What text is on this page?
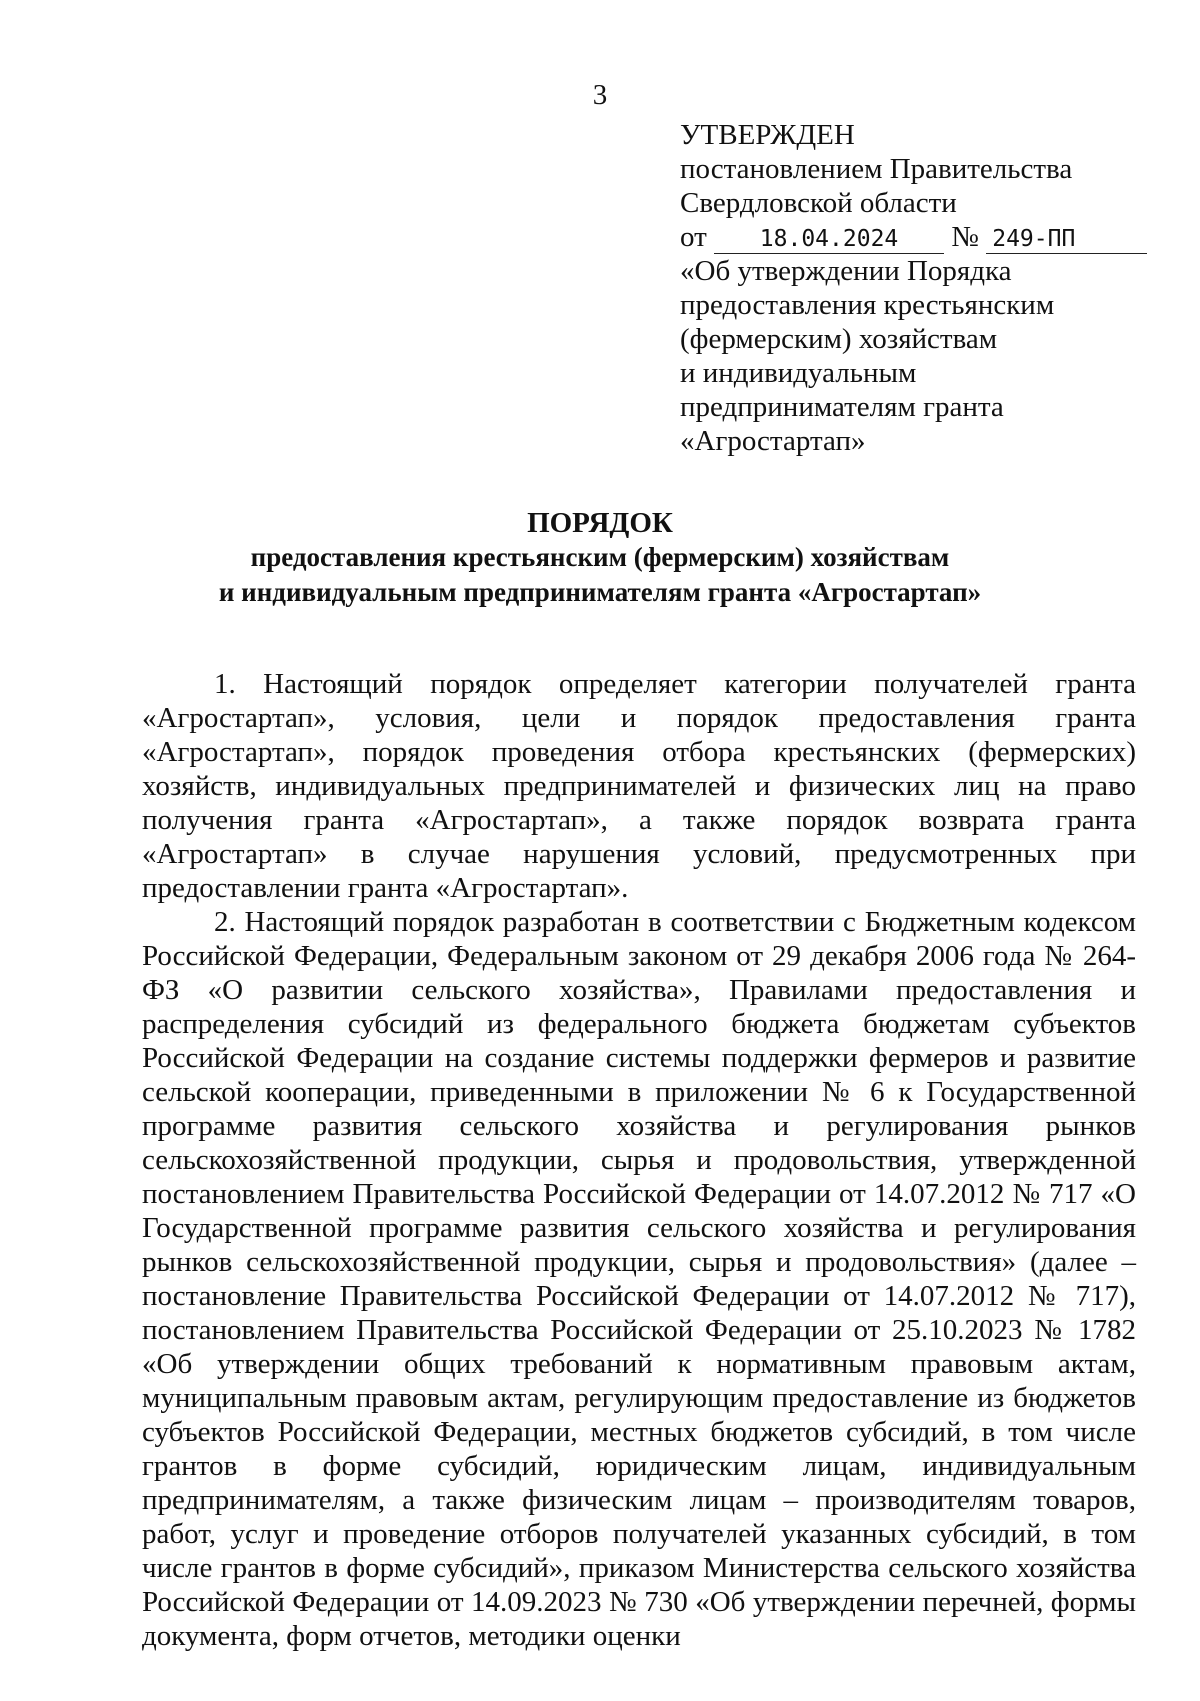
3
УТВЕРЖДЕН
постановлением Правительства
Свердловской области
от 18.04.2024 № 249-ПП
«Об утверждении Порядка
предоставления крестьянским
(фермерским) хозяйствам
и индивидуальным
предпринимателям гранта
«Агростартап»
ПОРЯДОК
предоставления крестьянским (фермерским) хозяйствам
и индивидуальным предпринимателям гранта «Агростартап»

1. Настоящий порядок определяет категории получателей гранта «Агростартап», условия, цели и порядок предоставления гранта «Агростартап», порядок проведения отбора крестьянских (фермерских) хозяйств, индивидуальных предпринимателей и физических лиц на право получения гранта «Агростартап», а также порядок возврата гранта «Агростартап» в случае нарушения условий, предусмотренных при предоставлении гранта «Агростартап».

2. Настоящий порядок разработан в соответствии с Бюджетным кодексом Российской Федерации, Федеральным законом от 29 декабря 2006 года № 264-ФЗ «О развитии сельского хозяйства», Правилами предоставления и распределения субсидий из федерального бюджета бюджетам субъектов Российской Федерации на создание системы поддержки фермеров и развитие сельской кооперации, приведенными в приложении № 6 к Государственной программе развития сельского хозяйства и регулирования рынков сельскохозяйственной продукции, сырья и продовольствия, утвержденной постановлением Правительства Российской Федерации от 14.07.2012 № 717 «О Государственной программе развития сельского хозяйства и регулирования рынков сельскохозяйственной продукции, сырья и продовольствия» (далее – постановление Правительства Российской Федерации от 14.07.2012 № 717), постановлением Правительства Российской Федерации от 25.10.2023 № 1782 «Об утверждении общих требований к нормативным правовым актам, муниципальным правовым актам, регулирующим предоставление из бюджетов субъектов Российской Федерации, местных бюджетов субсидий, в том числе грантов в форме субсидий, юридическим лицам, индивидуальным предпринимателям, а также физическим лицам – производителям товаров, работ, услуг и проведение отборов получателей указанных субсидий, в том числе грантов в форме субсидий», приказом Министерства сельского хозяйства Российской Федерации от 14.09.2023 № 730 «Об утверждении перечней, формы документа, форм отчетов, методики оценки
